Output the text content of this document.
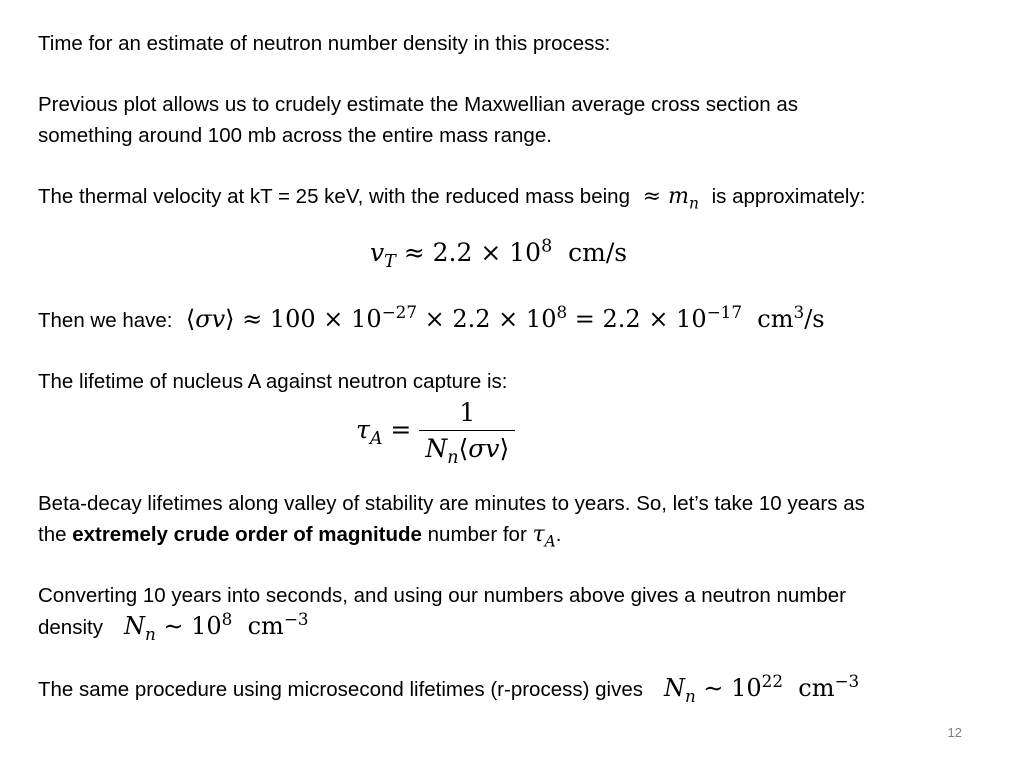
Time for an estimate of neutron number density in this process:
Previous plot allows us to crudely estimate the Maxwellian average cross section as
something around 100 mb across the entire mass range.
The thermal velocity at kT = 25 keV, with the reduced mass being  ≈ $m_n$ is approximately:
$v_T \approx 2.2 \times 10^8$  cm/s
Then we have:  ⟨σv⟩ ≈ $100 \times 10^{-27} \times 2.2 \times 10^8 = 2.2 \times 10^{-17}$  $cm^3/s$
The lifetime of nucleus A against neutron capture is:
$\tau_A = \frac{1}{N_n⟨\sigma v⟩}$
Beta-decay lifetimes along valley of stability are minutes to years. So, let’s take 10 years as
the extremely crude order of magnitude number for $\tau_A$.
Converting 10 years into seconds, and using our numbers above gives a neutron number
density $N_n$ ∼ $10^8$  $cm^{-3}$
The same procedure using microsecond lifetimes (r-process) gives $N_n$ ∼ $10^{22}$  $cm^{-3}$
12
